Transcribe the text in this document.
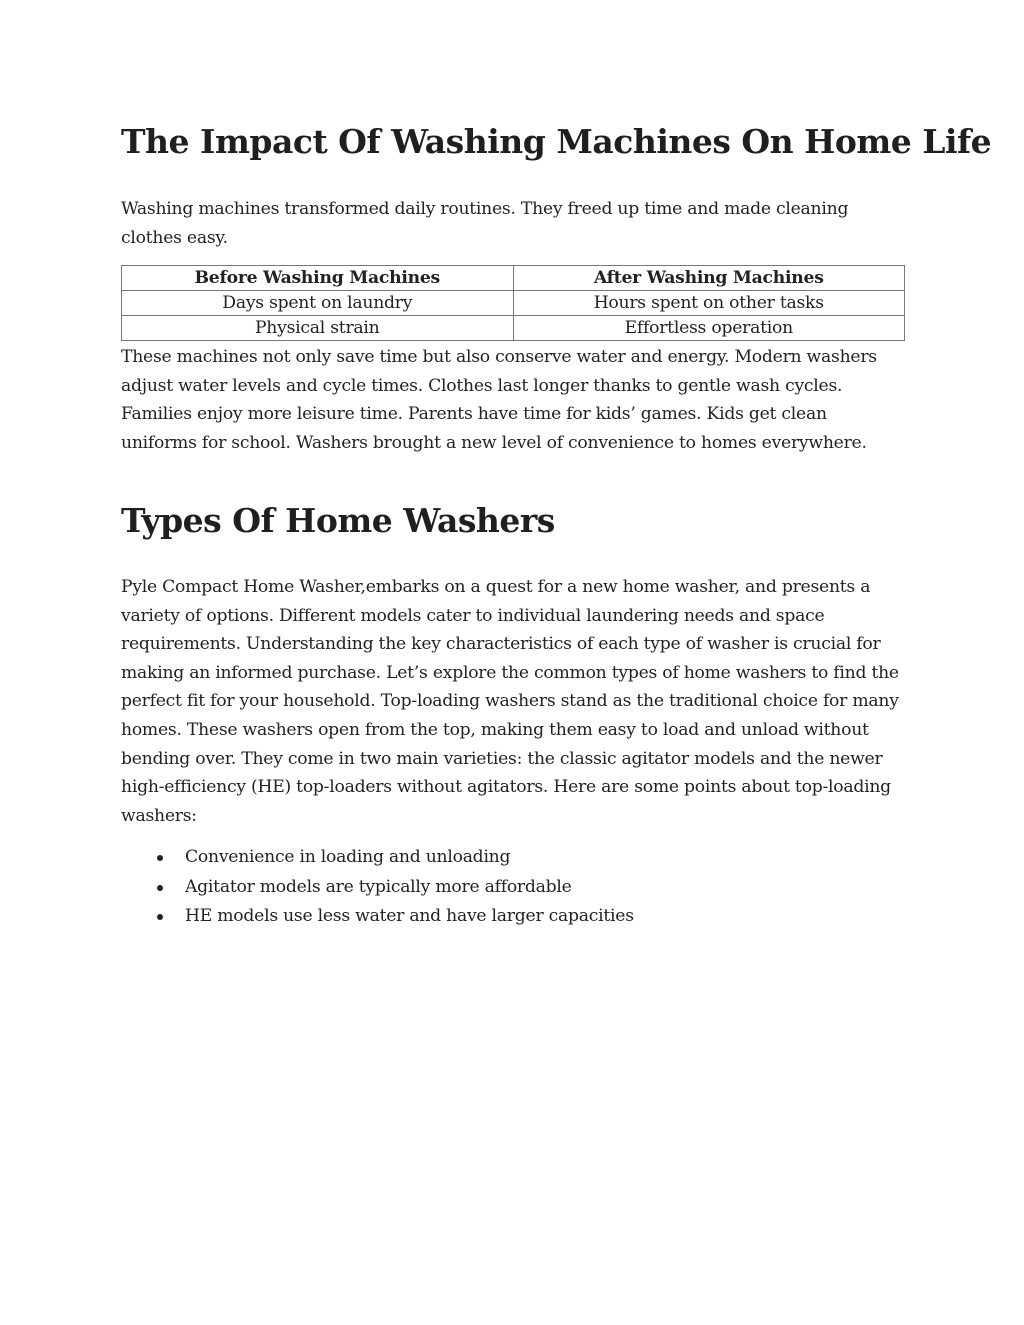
The Impact Of Washing Machines On Home Life

Washing machines transformed daily routines. They freed up time and made cleaning clothes easy.

Before Washing Machines	After Washing Machines
Days spent on laundry	Hours spent on other tasks
Physical strain	Effortless operation

These machines not only save time but also conserve water and energy. Modern washers adjust water levels and cycle times. Clothes last longer thanks to gentle wash cycles. Families enjoy more leisure time. Parents have time for kids’ games. Kids get clean uniforms for school. Washers brought a new level of convenience to homes everywhere.

Types Of Home Washers

Pyle Compact Home Washer,embarks on a quest for a new home washer, and presents a variety of options. Different models cater to individual laundering needs and space requirements. Understanding the key characteristics of each type of washer is crucial for making an informed purchase. Let’s explore the common types of home washers to find the perfect fit for your household. Top-loading washers stand as the traditional choice for many homes. These washers open from the top, making them easy to load and unload without bending over. They come in two main varieties: the classic agitator models and the newer high-efficiency (HE) top-loaders without agitators. Here are some points about top-loading washers:

Convenience in loading and unloading
Agitator models are typically more affordable
HE models use less water and have larger capacities
